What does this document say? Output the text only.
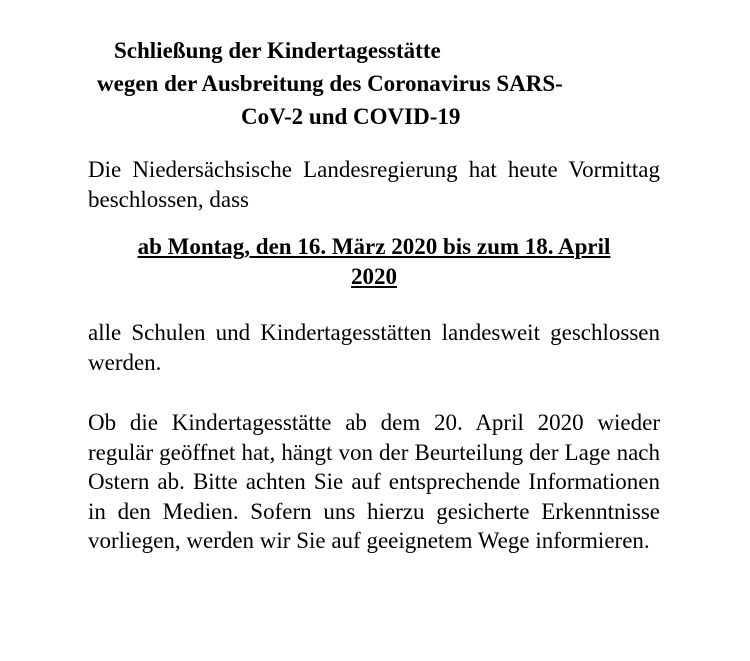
Schließung der Kindertagesstätte
wegen der Ausbreitung des Coronavirus SARS-
CoV-2 und COVID-19

Die Niedersächsische Landesregierung hat heute Vormittag beschlossen, dass

ab Montag, den 16. März 2020 bis zum 18. April
2020

alle Schulen und Kindertagesstätten landesweit geschlossen werden.

Ob die Kindertagesstätte ab dem 20. April 2020 wieder regulär geöffnet hat, hängt von der Beurteilung der Lage nach Ostern ab. Bitte achten Sie auf entsprechende Informationen in den Medien. Sofern uns hierzu gesicherte Erkenntnisse vorliegen, werden wir Sie auf geeignetem Wege informieren.
